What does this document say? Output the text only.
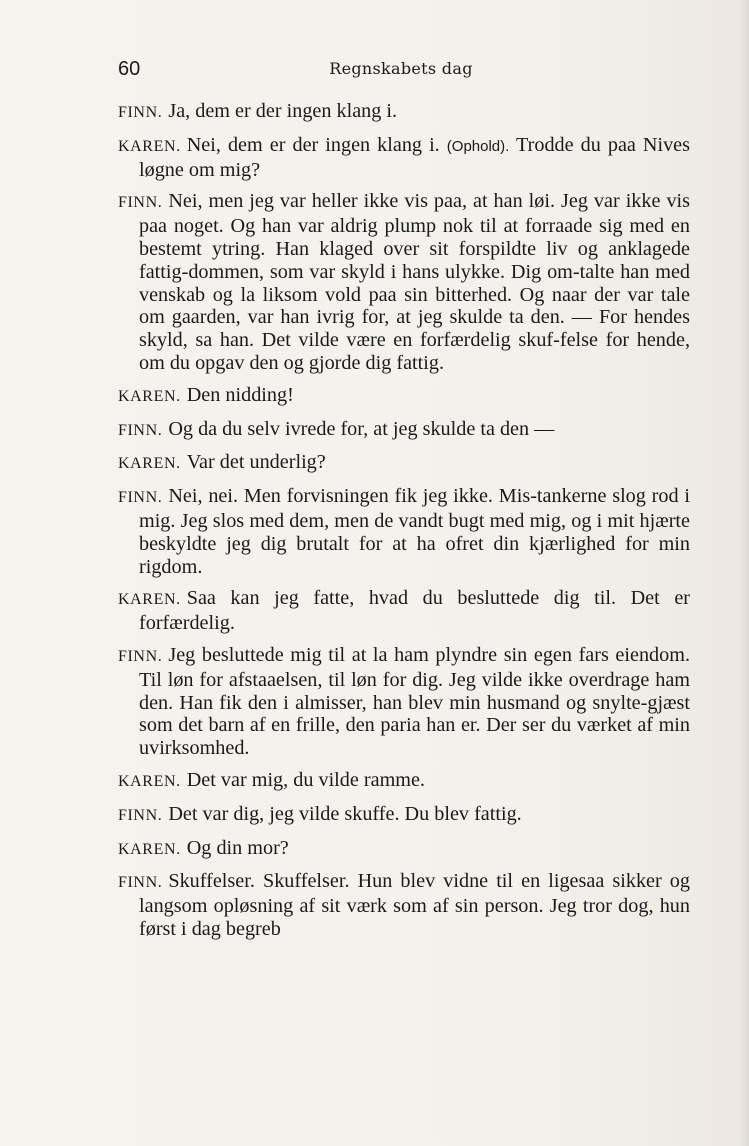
60	Regnskabets dag

FINN. Ja, dem er der ingen klang i.

KAREN. Nei, dem er der ingen klang i. (Ophold). Trodde du paa Nives løgne om mig?

FINN. Nei, men jeg var heller ikke vis paa, at han løi. Jeg var ikke vis paa noget. Og han var aldrig plump nok til at forraade sig med en bestemt ytring. Han klaged over sit forspildte liv og anklagede fattig-dommen, som var skyld i hans ulykke. Dig om-talte han med venskab og la liksom vold paa sin bitterhed. Og naar der var tale om gaarden, var han ivrig for, at jeg skulde ta den. — For hendes skyld, sa han. Det vilde være en forfærdelig skuf-felse for hende, om du opgav den og gjorde dig fattig.

KAREN. Den nidding!

FINN. Og da du selv ivrede for, at jeg skulde ta den —

KAREN. Var det underlig?

FINN. Nei, nei. Men forvisningen fik jeg ikke. Mis-tankerne slog rod i mig. Jeg slos med dem, men de vandt bugt med mig, og i mit hjærte beskyldte jeg dig brutalt for at ha ofret din kjærlighed for min rigdom.

KAREN. Saa kan jeg fatte, hvad du besluttede dig til. Det er forfærdelig.

FINN. Jeg besluttede mig til at la ham plyndre sin egen fars eiendom. Til løn for afstaaelsen, til løn for dig. Jeg vilde ikke overdrage ham den. Han fik den i almisser, han blev min husmand og snylte-gjæst som det barn af en frille, den paria han er. Der ser du værket af min uvirksomhed.

KAREN. Det var mig, du vilde ramme.

FINN. Det var dig, jeg vilde skuffe. Du blev fattig.

KAREN. Og din mor?

FINN. Skuffelser. Skuffelser. Hun blev vidne til en ligesaa sikker og langsom opløsning af sit værk som af sin person. Jeg tror dog, hun først i dag begreb
